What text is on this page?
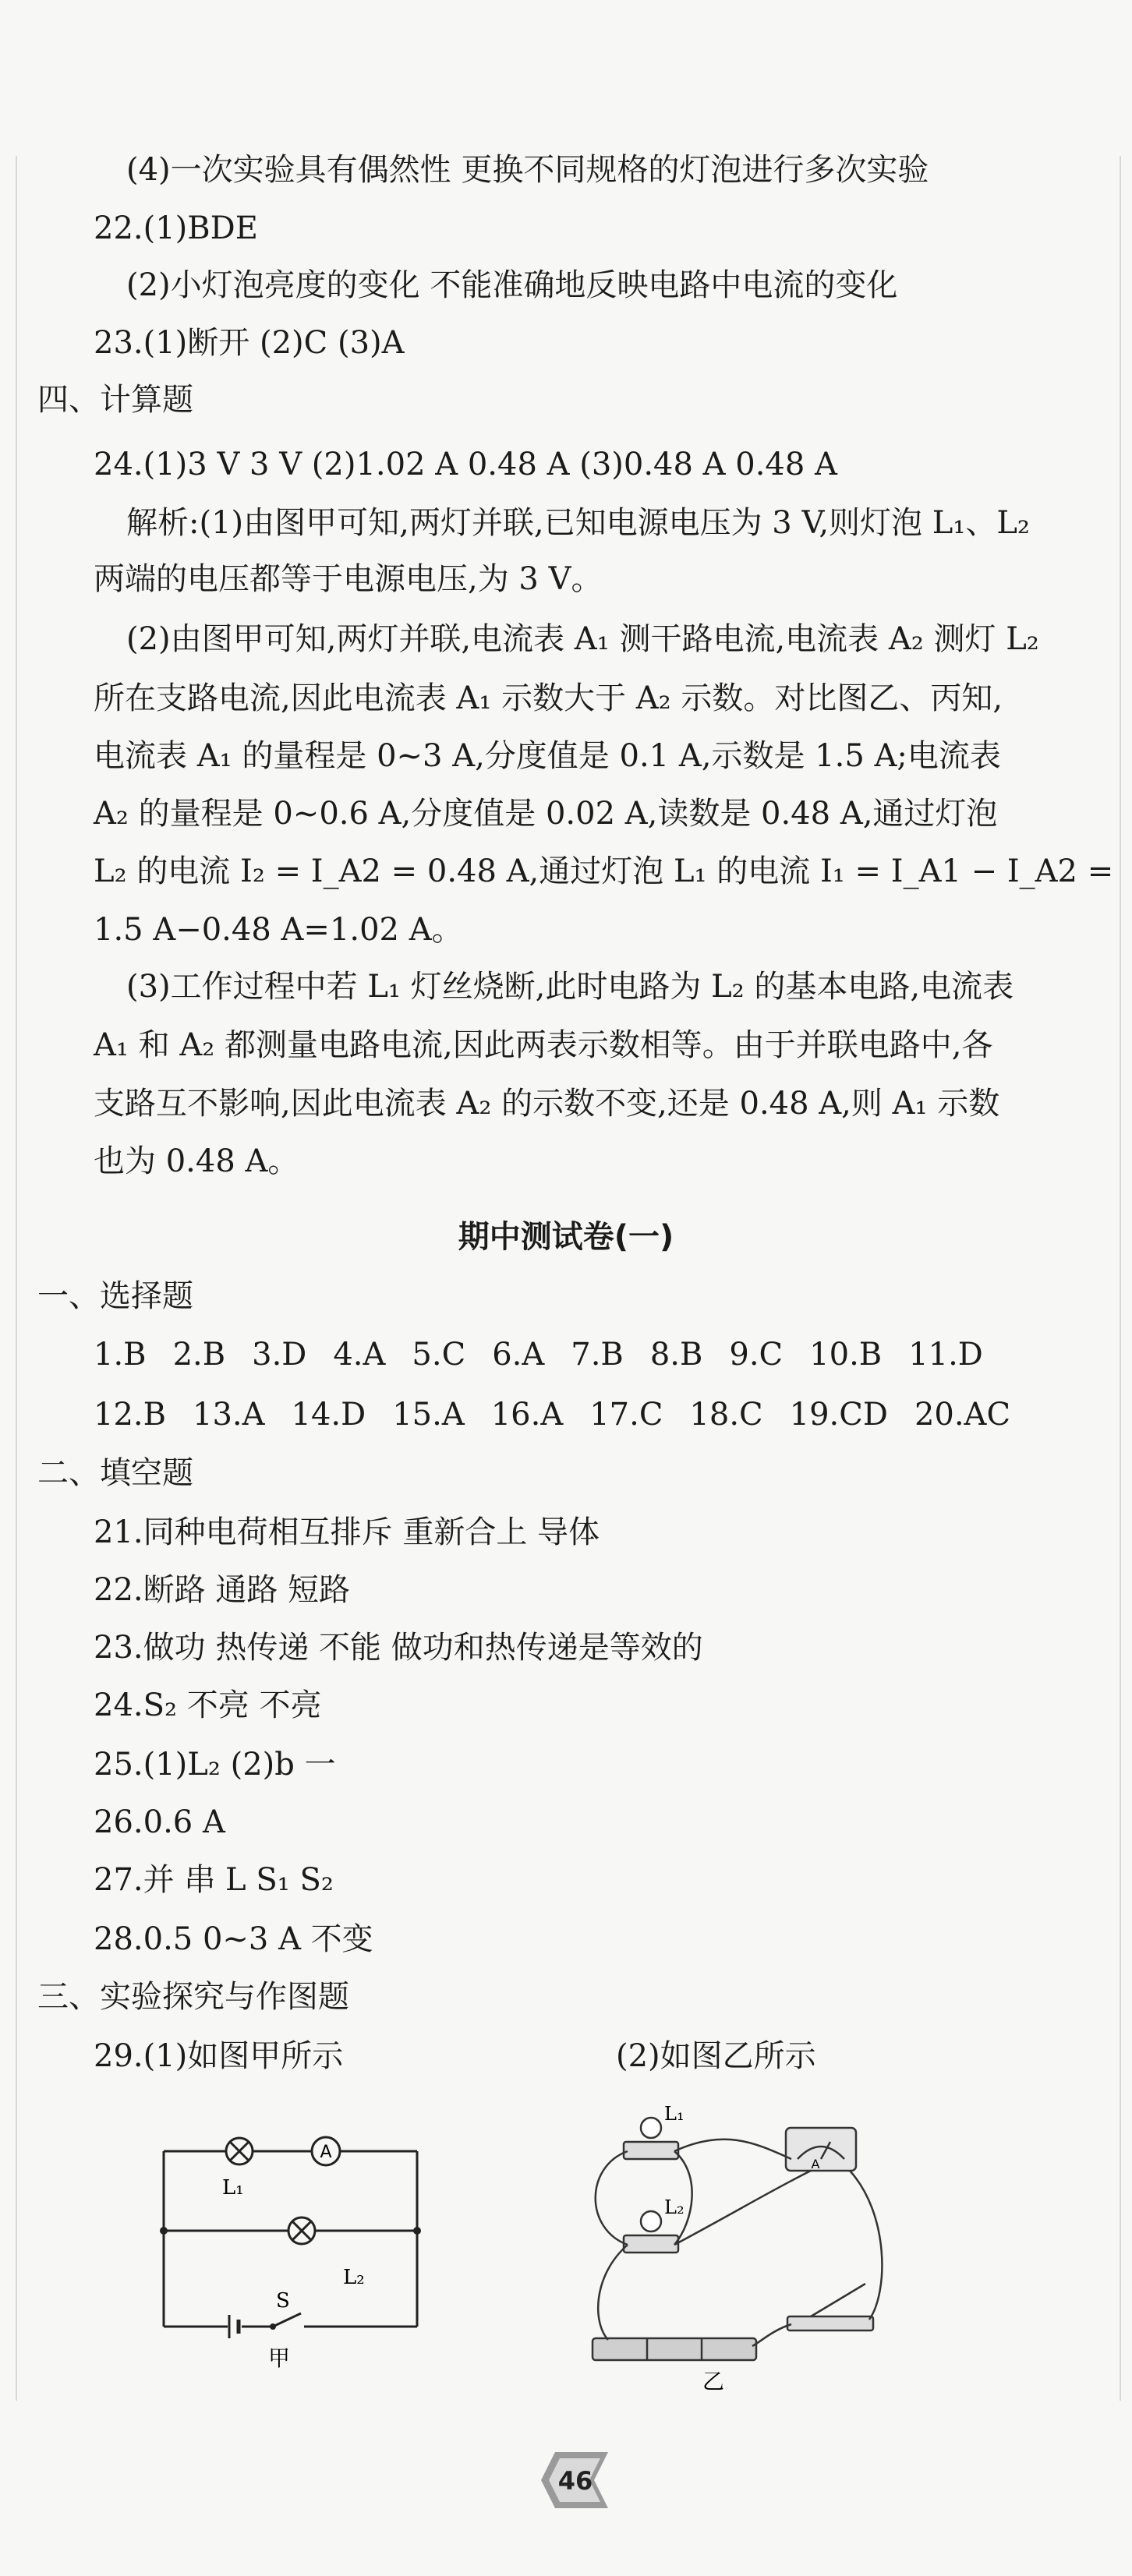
(4)一次实验具有偶然性 更换不同规格的灯泡进行多次实验
22.(1)BDE
(2)小灯泡亮度的变化 不能准确地反映电路中电流的变化
23.(1)断开 (2)C (3)A
四、计算题
24.(1)3 V 3 V (2)1.02 A 0.48 A (3)0.48 A 0.48 A
解析:(1)由图甲可知,两灯并联,已知电源电压为 3 V,则灯泡 L₁、L₂
两端的电压都等于电源电压,为 3 V。
(2)由图甲可知,两灯并联,电流表 A₁ 测干路电流,电流表 A₂ 测灯 L₂
所在支路电流,因此电流表 A₁ 示数大于 A₂ 示数。对比图乙、丙知,
电流表 A₁ 的量程是 0~3 A,分度值是 0.1 A,示数是 1.5 A;电流表
A₂ 的量程是 0~0.6 A,分度值是 0.02 A,读数是 0.48 A,通过灯泡
L₂ 的电流 I₂ = I_A2 = 0.48 A,通过灯泡 L₁ 的电流 I₁ = I_A1 − I_A2 =
1.5 A−0.48 A=1.02 A。
(3)工作过程中若 L₁ 灯丝烧断,此时电路为 L₂ 的基本电路,电流表
A₁ 和 A₂ 都测量电路电流,因此两表示数相等。由于并联电路中,各
支路互不影响,因此电流表 A₂ 的示数不变,还是 0.48 A,则 A₁ 示数
也为 0.48 A。
期中测试卷(一)
一、选择题
1.B 2.B 3.D 4.A 5.C 6.A 7.B 8.B 9.C 10.B 11.D
12.B 13.A 14.D 15.A 16.A 17.C 18.C 19.CD 20.AC
二、填空题
21.同种电荷相互排斥 重新合上 导体
22.断路 通路 短路
23.做功 热传递 不能 做功和热传递是等效的
24.S₂ 不亮 不亮
25.(1)L₂ (2)b 一
26.0.6 A
27.并 串 L S₁ S₂
28.0.5 0~3 A 不变
三、实验探究与作图题
29.(1)如图甲所示	(2)如图乙所示
A
L₁
L₂
S
甲
L₁
L₂
A
乙
46
